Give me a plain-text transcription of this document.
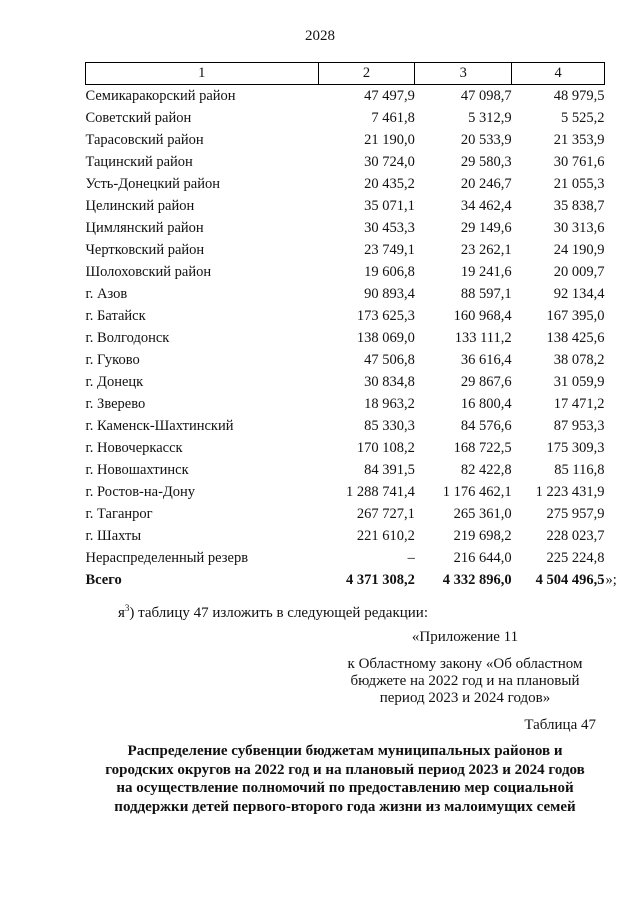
2028
1	2	3	4
Семикаракорский район	47 497,9	47 098,7	48 979,5
Советский район	7 461,8	5 312,9	5 525,2
Тарасовский район	21 190,0	20 533,9	21 353,9
Тацинский район	30 724,0	29 580,3	30 761,6
Усть-Донецкий район	20 435,2	20 246,7	21 055,3
Целинский район	35 071,1	34 462,4	35 838,7
Цимлянский район	30 453,3	29 149,6	30 313,6
Чертковский район	23 749,1	23 262,1	24 190,9
Шолоховский район	19 606,8	19 241,6	20 009,7
г. Азов	90 893,4	88 597,1	92 134,4
г. Батайск	173 625,3	160 968,4	167 395,0
г. Волгодонск	138 069,0	133 111,2	138 425,6
г. Гуково	47 506,8	36 616,4	38 078,2
г. Донецк	30 834,8	29 867,6	31 059,9
г. Зверево	18 963,2	16 800,4	17 471,2
г. Каменск-Шахтинский	85 330,3	84 576,6	87 953,3
г. Новочеркасск	170 108,2	168 722,5	175 309,3
г. Новошахтинск	84 391,5	82 422,8	85 116,8
г. Ростов-на-Дону	1 288 741,4	1 176 462,1	1 223 431,9
г. Таганрог	267 727,1	265 361,0	275 957,9
г. Шахты	221 610,2	219 698,2	228 023,7
Нераспределенный резерв	–	216 644,0	225 224,8
Всего	4 371 308,2	4 332 896,0	4 504 496,5 »;
$я^3$) таблицу 47 изложить в следующей редакции:
«Приложение 11
к Областному закону «Об областном
бюджете на 2022 год и на плановый
период 2023 и 2024 годов»
Таблица 47
Распределение субвенции бюджетам муниципальных районов и
городских округов на 2022 год и на плановый период 2023 и 2024 годов
на осуществление полномочий по предоставлению мер социальной
поддержки детей первого-второго года жизни из малоимущих семей
